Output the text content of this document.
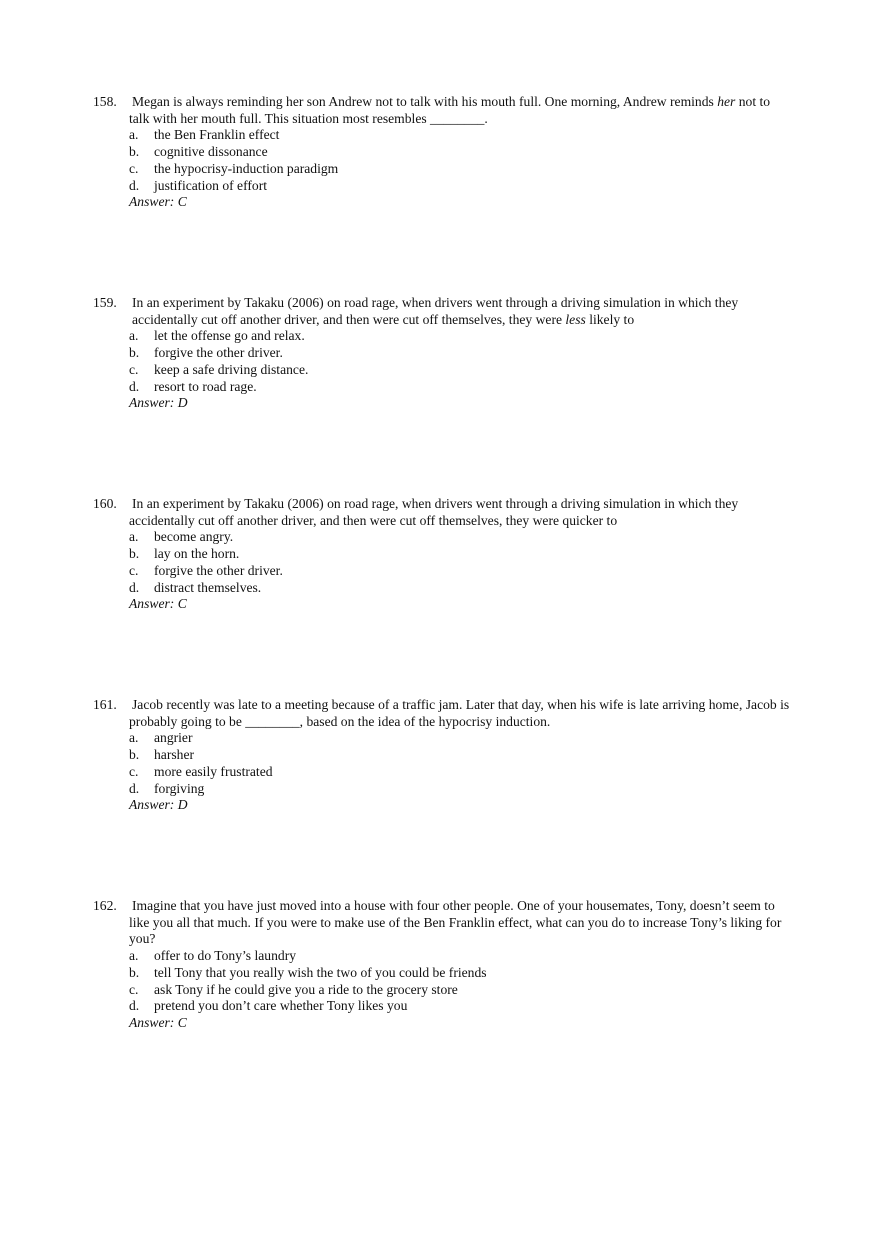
158. Megan is always reminding her son Andrew not to talk with his mouth full. One morning, Andrew reminds her not to talk with her mouth full. This situation most resembles ________.
a. the Ben Franklin effect
b. cognitive dissonance
c. the hypocrisy-induction paradigm
d. justification of effort
Answer: C
159. In an experiment by Takaku (2006) on road rage, when drivers went through a driving simulation in which they accidentally cut off another driver, and then were cut off themselves, they were less likely to
a. let the offense go and relax.
b. forgive the other driver.
c. keep a safe driving distance.
d. resort to road rage.
Answer: D
160. In an experiment by Takaku (2006) on road rage, when drivers went through a driving simulation in which they accidentally cut off another driver, and then were cut off themselves, they were quicker to
a. become angry.
b. lay on the horn.
c. forgive the other driver.
d. distract themselves.
Answer: C
161. Jacob recently was late to a meeting because of a traffic jam. Later that day, when his wife is late arriving home, Jacob is probably going to be ________, based on the idea of the hypocrisy induction.
a. angrier
b. harsher
c. more easily frustrated
d. forgiving
Answer: D
162. Imagine that you have just moved into a house with four other people. One of your housemates, Tony, doesn’t seem to like you all that much. If you were to make use of the Ben Franklin effect, what can you do to increase Tony’s liking for you?
a. offer to do Tony’s laundry
b. tell Tony that you really wish the two of you could be friends
c. ask Tony if he could give you a ride to the grocery store
d. pretend you don’t care whether Tony likes you
Answer: C
